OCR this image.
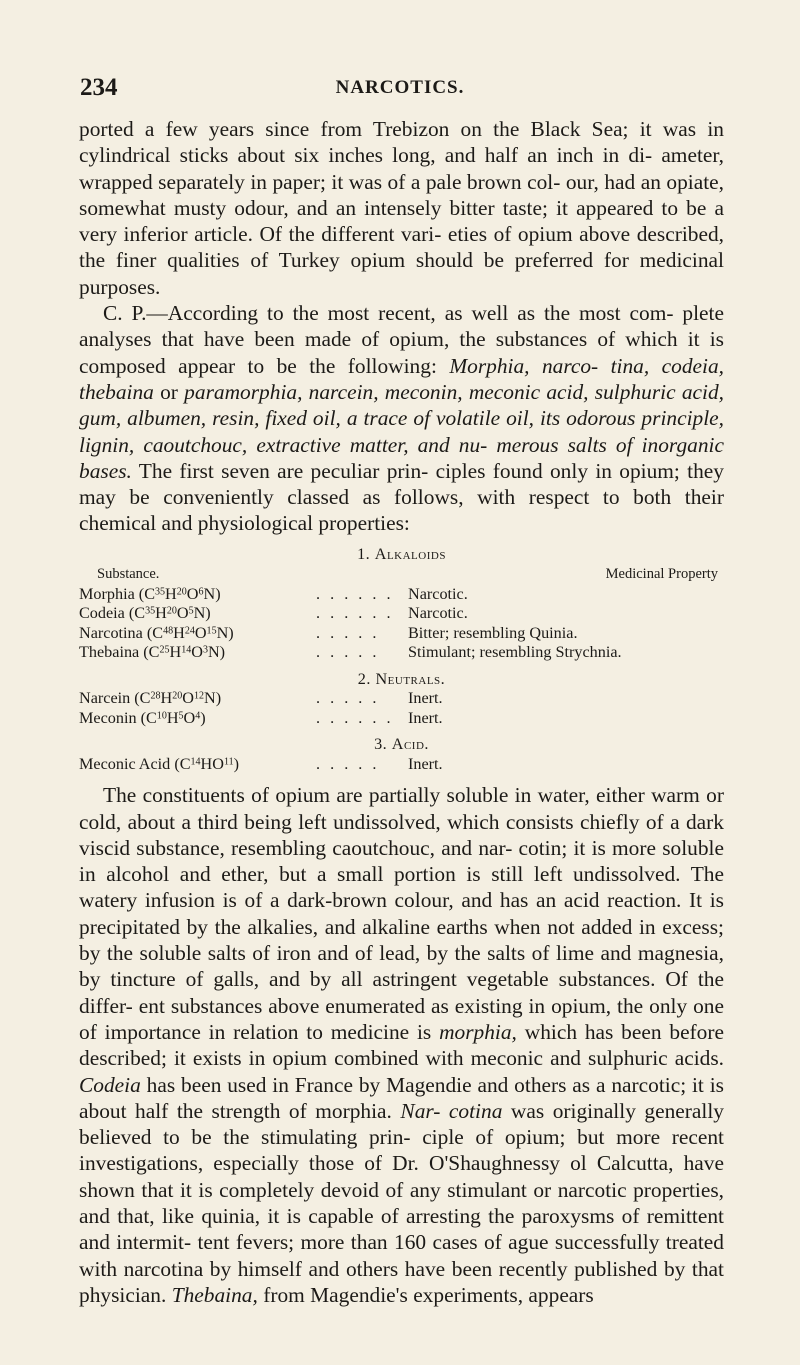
234	NARCOTICS.

ported a few years since from Trebizon on the Black Sea; it was in cylindrical sticks about six inches long, and half an inch in di- ameter, wrapped separately in paper; it was of a pale brown col- our, had an opiate, somewhat musty odour, and an intensely bitter taste; it appeared to be a very inferior article. Of the different vari- eties of opium above described, the finer qualities of Turkey opium should be preferred for medicinal purposes.

C. P.—According to the most recent, as well as the most com- plete analyses that have been made of opium, the substances of which it is composed appear to be the following: Morphia, narco- tina, codeia, thebaina or paramorphia, narcein, meconin, meconic acid, sulphuric acid, gum, albumen, resin, fixed oil, a trace of volatile oil, its odorous principle, lignin, caoutchouc, extractive matter, and nu- merous salts of inorganic bases. The first seven are peculiar prin- ciples found only in opium; they may be conveniently classed as follows, with respect to both their chemical and physiological properties:

1. Alkaloids
Substance.	Medicinal Property
Morphia $(C^{35}H^{20}O^6N)$	. . . . . . Narcotic.
Codeia $(C^{35}H^{20}O^5N)$	. . . . . . Narcotic.
Narcotina $(C^{48}H^{24}O^{15}N)$	. . . . .	Bitter; resembling Quinia.
Thebaina $(C^{25}H^{14}O^3N)$	. . . . .	Stimulant; resembling Strychnia.
2. Neutrals.
Narcein $(C^{28}H^{20}O^{12}N)$	. . . . .	Inert.
Meconin $(C^{10}H^5O^4)$	. . . . . . Inert.
3. Acid.
Meconic Acid $(C^{14}HO^{11})$	. . . . .	Inert.

The constituents of opium are partially soluble in water, either warm or cold, about a third being left undissolved, which consists chiefly of a dark viscid substance, resembling caoutchouc, and nar- cotin; it is more soluble in alcohol and ether, but a small portion is still left undissolved. The watery infusion is of a dark-brown colour, and has an acid reaction. It is precipitated by the alkalies, and alkaline earths when not added in excess; by the soluble salts of iron and of lead, by the salts of lime and magnesia, by tincture of galls, and by all astringent vegetable substances. Of the differ- ent substances above enumerated as existing in opium, the only one of importance in relation to medicine is morphia, which has been before described; it exists in opium combined with meconic and sulphuric acids. Codeia has been used in France by Magendie and others as a narcotic; it is about half the strength of morphia. Nar- cotina was originally generally believed to be the stimulating prin- ciple of opium; but more recent investigations, especially those of Dr. O'Shaughnessy ol Calcutta, have shown that it is completely devoid of any stimulant or narcotic properties, and that, like quinia, it is capable of arresting the paroxysms of remittent and intermit- tent fevers; more than 160 cases of ague successfully treated with narcotina by himself and others have been recently published by that physician. Thebaina, from Magendie's experiments, appears
